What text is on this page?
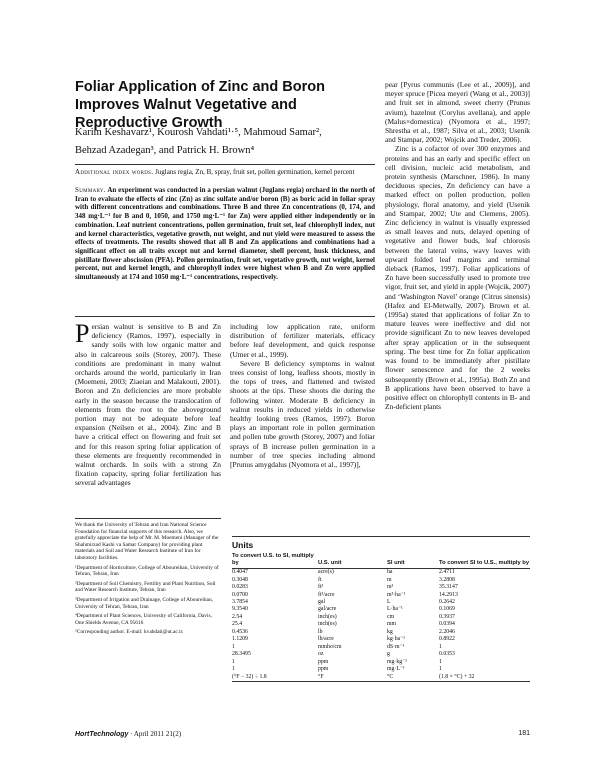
Foliar Application of Zinc and Boron Improves Walnut Vegetative and Reproductive Growth
Karim Keshavarz¹, Kourosh Vahdati¹·⁵, Mahmoud Samar²,
Behzad Azadegan³, and Patrick H. Brown⁴
Additional index words. Juglans regia, Zn, B, spray, fruit set, pollen germination, kernel percent
Summary. An experiment was conducted in a persian walnut (Juglans regia) orchard in the north of Iran to evaluate the effects of zinc (Zn) as zinc sulfate and/or boron (B) as boric acid in foliar spray with different concentrations and combinations. Three B and three Zn concentrations (0, 174, and 348 mg·L⁻¹ for B and 0, 1050, and 1750 mg·L⁻¹ for Zn) were applied either independently or in combination. Leaf nutrient concentrations, pollen germination, fruit set, leaf chlorophyll index, nut and kernel characteristics, vegetative growth, nut weight, and nut yield were measured to assess the effects of treatments. The results showed that all B and Zn applications and combinations had a significant effect on all traits except nut and kernel diameter, shell percent, husk thickness, and pistillate flower abscission (PFA). Pollen germination, fruit set, vegetative growth, nut weight, kernel percent, nut and kernel length, and chlorophyll index were highest when B and Zn were applied simultaneously at 174 and 1050 mg·L⁻¹ concentrations, respectively.
Persian walnut is sensitive to B and Zn deficiency (Ramos, 1997), especially in sandy soils with low organic matter and also in calcareous soils (Storey, 2007). These conditions are predominant in many walnut orchards around the world, particularly in Iran (Moemeni, 2003; Ziaeian and Malakouti, 2001). Boron and Zn deficiencies are more probable early in the season because the translocation of elements from the root to the aboveground portion may not be adequate before leaf expansion (Neilsen et al., 2004). Zinc and B have a critical effect on flowering and fruit set and for this reason spring foliar application of these elements are frequently recommended in walnut orchards. In soils with a strong Zn fixation capacity, spring foliar fertilization has several advantages

including low application rate, uniform distribution of fertilizer materials, efficacy before leaf development, and quick response (Umer et al., 1999).

Severe B deficiency symptoms in walnut trees consist of long, leafless shoots, mostly in the tops of trees, and flattened and twisted shoots at the tips. These shoots die during the following winter. Moderate B deficiency in walnut results in reduced yields in otherwise healthy looking trees (Ramos, 1997). Boron plays an important role in pollen germination and pollen tube growth (Storey, 2007) and foliar sprays of B increase pollen germination in a number of tree species including almond [Prunus amygdalus (Nyomora et al., 1997)],

pear [Pyrus communis (Lee et al., 2009)], and meyer spruce [Picea meyeri (Wang et al., 2003)] and fruit set in almond, sweet cherry (Prunus avium), hazelnut (Corylus avellana), and apple (Malus×domestica) (Nyomora et al., 1997; Shrestha et al., 1987; Silva et al., 2003; Usenik and Stampar, 2002; Wojcik and Treder, 2006).

Zinc is a cofactor of over 300 enzymes and proteins and has an early and specific effect on cell division, nucleic acid metabolism, and protein synthesis (Marschner, 1986). In many deciduous species, Zn deficiency can have a marked effect on pollen production, pollen physiology, floral anatomy, and yield (Usenik and Stampar, 2002; Ute and Clemens, 2005). Zinc deficiency in walnut is visually expressed as small leaves and nuts, delayed opening of vegetative and flower buds, leaf chlorosis between the lateral veins, wavy leaves with upward folded leaf margins and terminal dieback (Ramos, 1997). Foliar applications of Zn have been successfully used to promote tree vigor, fruit set, and yield in apple (Wojcik, 2007) and ‘Washington Navel’ orange (Citrus sinensis) (Hafez and El-Metwally, 2007). Brown et al. (1995a) stated that applications of foliar Zn to mature leaves were ineffective and did not provide significant Zn to new leaves developed after spray application or in the subsequent spring. The best time for Zn foliar application was found to be immediately after pistillate flower senescence and for the 2 weeks subsequently (Brown et al., 1995a). Both Zn and B applications have been observed to have a positive effect on chlorophyll contents in B- and Zn-deficient plants

We thank the University of Tehran and Iran National Science Foundation for financial supports of this research. Also, we gratefully appreciate the help of Mr. M. Moemeni (Manager of the Shahmirzad Kashi va Samar Company) for providing plant materials and Soil and Water Research Institute of Iran for laboratory facilities.

¹Department of Horticulture, College of Aboureihan, University of Tehran, Tehran, Iran

²Department of Soil Chemistry, Fertility and Plant Nutrition, Soil and Water Research Institute, Tehran, Iran

³Department of Irrigation and Drainage, College of Aboureihan, University of Tehran, Tehran, Iran

⁴Department of Plant Sciences, University of California, Davis, One Shields Avenue, CA 95616

⁵Corresponding author. E-mail: kvahdati@ut.ac.ir.

Units
To convert U.S. to SI, multiply by	U.S. unit	SI unit	To convert SI to U.S., multiply by
0.4047	acre(s)	ha	2.4711
0.3048	ft	m	3.2808
0.0283	ft³	m³	35.3147
0.0700	ft³/acre	m³·ha⁻¹	14.2913
3.7854	gal	L	0.2642
9.3540	gal/acre	L·ha⁻¹	0.1069
2.54	inch(es)	cm	0.3937
25.4	inch(es)	mm	0.0394
0.4536	lb	kg	2.2046
1.1209	lb/acre	kg·ha⁻¹	0.8922
1	mmho/cm	dS·m⁻¹	1
28.3495	oz	g	0.0353
1	ppm	mg·kg⁻¹	1
1	ppm	mg·L⁻¹	1
(°F − 32) ÷ 1.8	°F	°C	(1.8 × °C) + 32
HortTechnology · April 2011 21(2)	181
